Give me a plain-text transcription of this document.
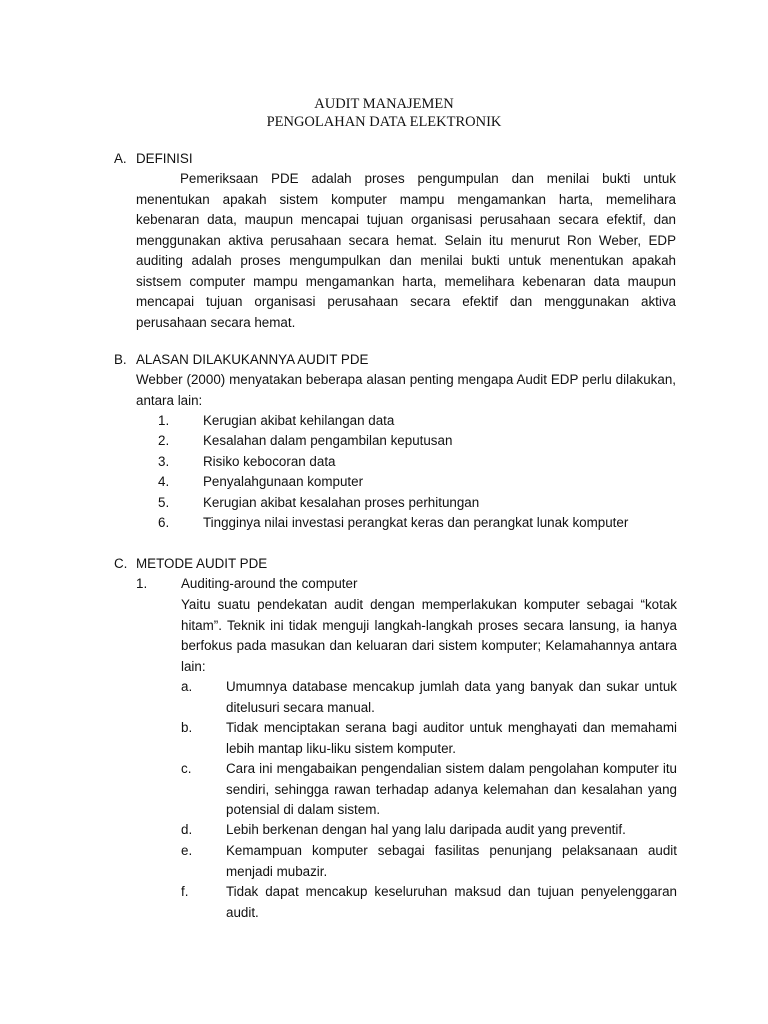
AUDIT MANAJEMEN
PENGOLAHAN DATA ELEKTRONIK
A. DEFINISI
Pemeriksaan PDE adalah proses pengumpulan dan menilai bukti untuk menentukan apakah sistem komputer mampu mengamankan harta, memelihara kebenaran data, maupun mencapai tujuan organisasi perusahaan secara efektif, dan menggunakan aktiva perusahaan secara hemat. Selain itu menurut Ron Weber, EDP auditing adalah proses mengumpulkan dan menilai bukti untuk menentukan apakah sistsem computer mampu mengamankan harta, memelihara kebenaran data maupun mencapai tujuan organisasi perusahaan secara efektif dan menggunakan aktiva perusahaan secara hemat.
B. ALASAN DILAKUKANNYA AUDIT PDE
Webber (2000) menyatakan beberapa alasan penting mengapa Audit EDP perlu dilakukan, antara lain:
1.	Kerugian akibat kehilangan data
2.	Kesalahan dalam pengambilan keputusan
3.	Risiko kebocoran data
4.	Penyalahgunaan komputer
5.	Kerugian akibat kesalahan proses perhitungan
6.	Tingginya nilai investasi perangkat keras dan perangkat lunak komputer
C. METODE AUDIT PDE
1.	Auditing-around the computer
Yaitu suatu pendekatan audit dengan memperlakukan komputer sebagai “kotak hitam”. Teknik ini tidak menguji langkah-langkah proses secara lansung, ia hanya berfokus pada masukan dan keluaran dari sistem komputer; Kelamahannya antara lain:
a.	Umumnya database mencakup jumlah data yang banyak dan sukar untuk ditelusuri secara manual.
b.	Tidak menciptakan serana bagi auditor untuk menghayati dan memahami lebih mantap liku-liku sistem komputer.
c.	Cara ini mengabaikan pengendalian sistem dalam pengolahan komputer itu sendiri, sehingga rawan terhadap adanya kelemahan dan kesalahan yang potensial di dalam sistem.
d.	Lebih berkenan dengan hal yang lalu daripada audit yang preventif.
e.	Kemampuan komputer sebagai fasilitas penunjang pelaksanaan audit menjadi mubazir.
f.	Tidak dapat mencakup keseluruhan maksud dan tujuan penyelenggaran audit.
